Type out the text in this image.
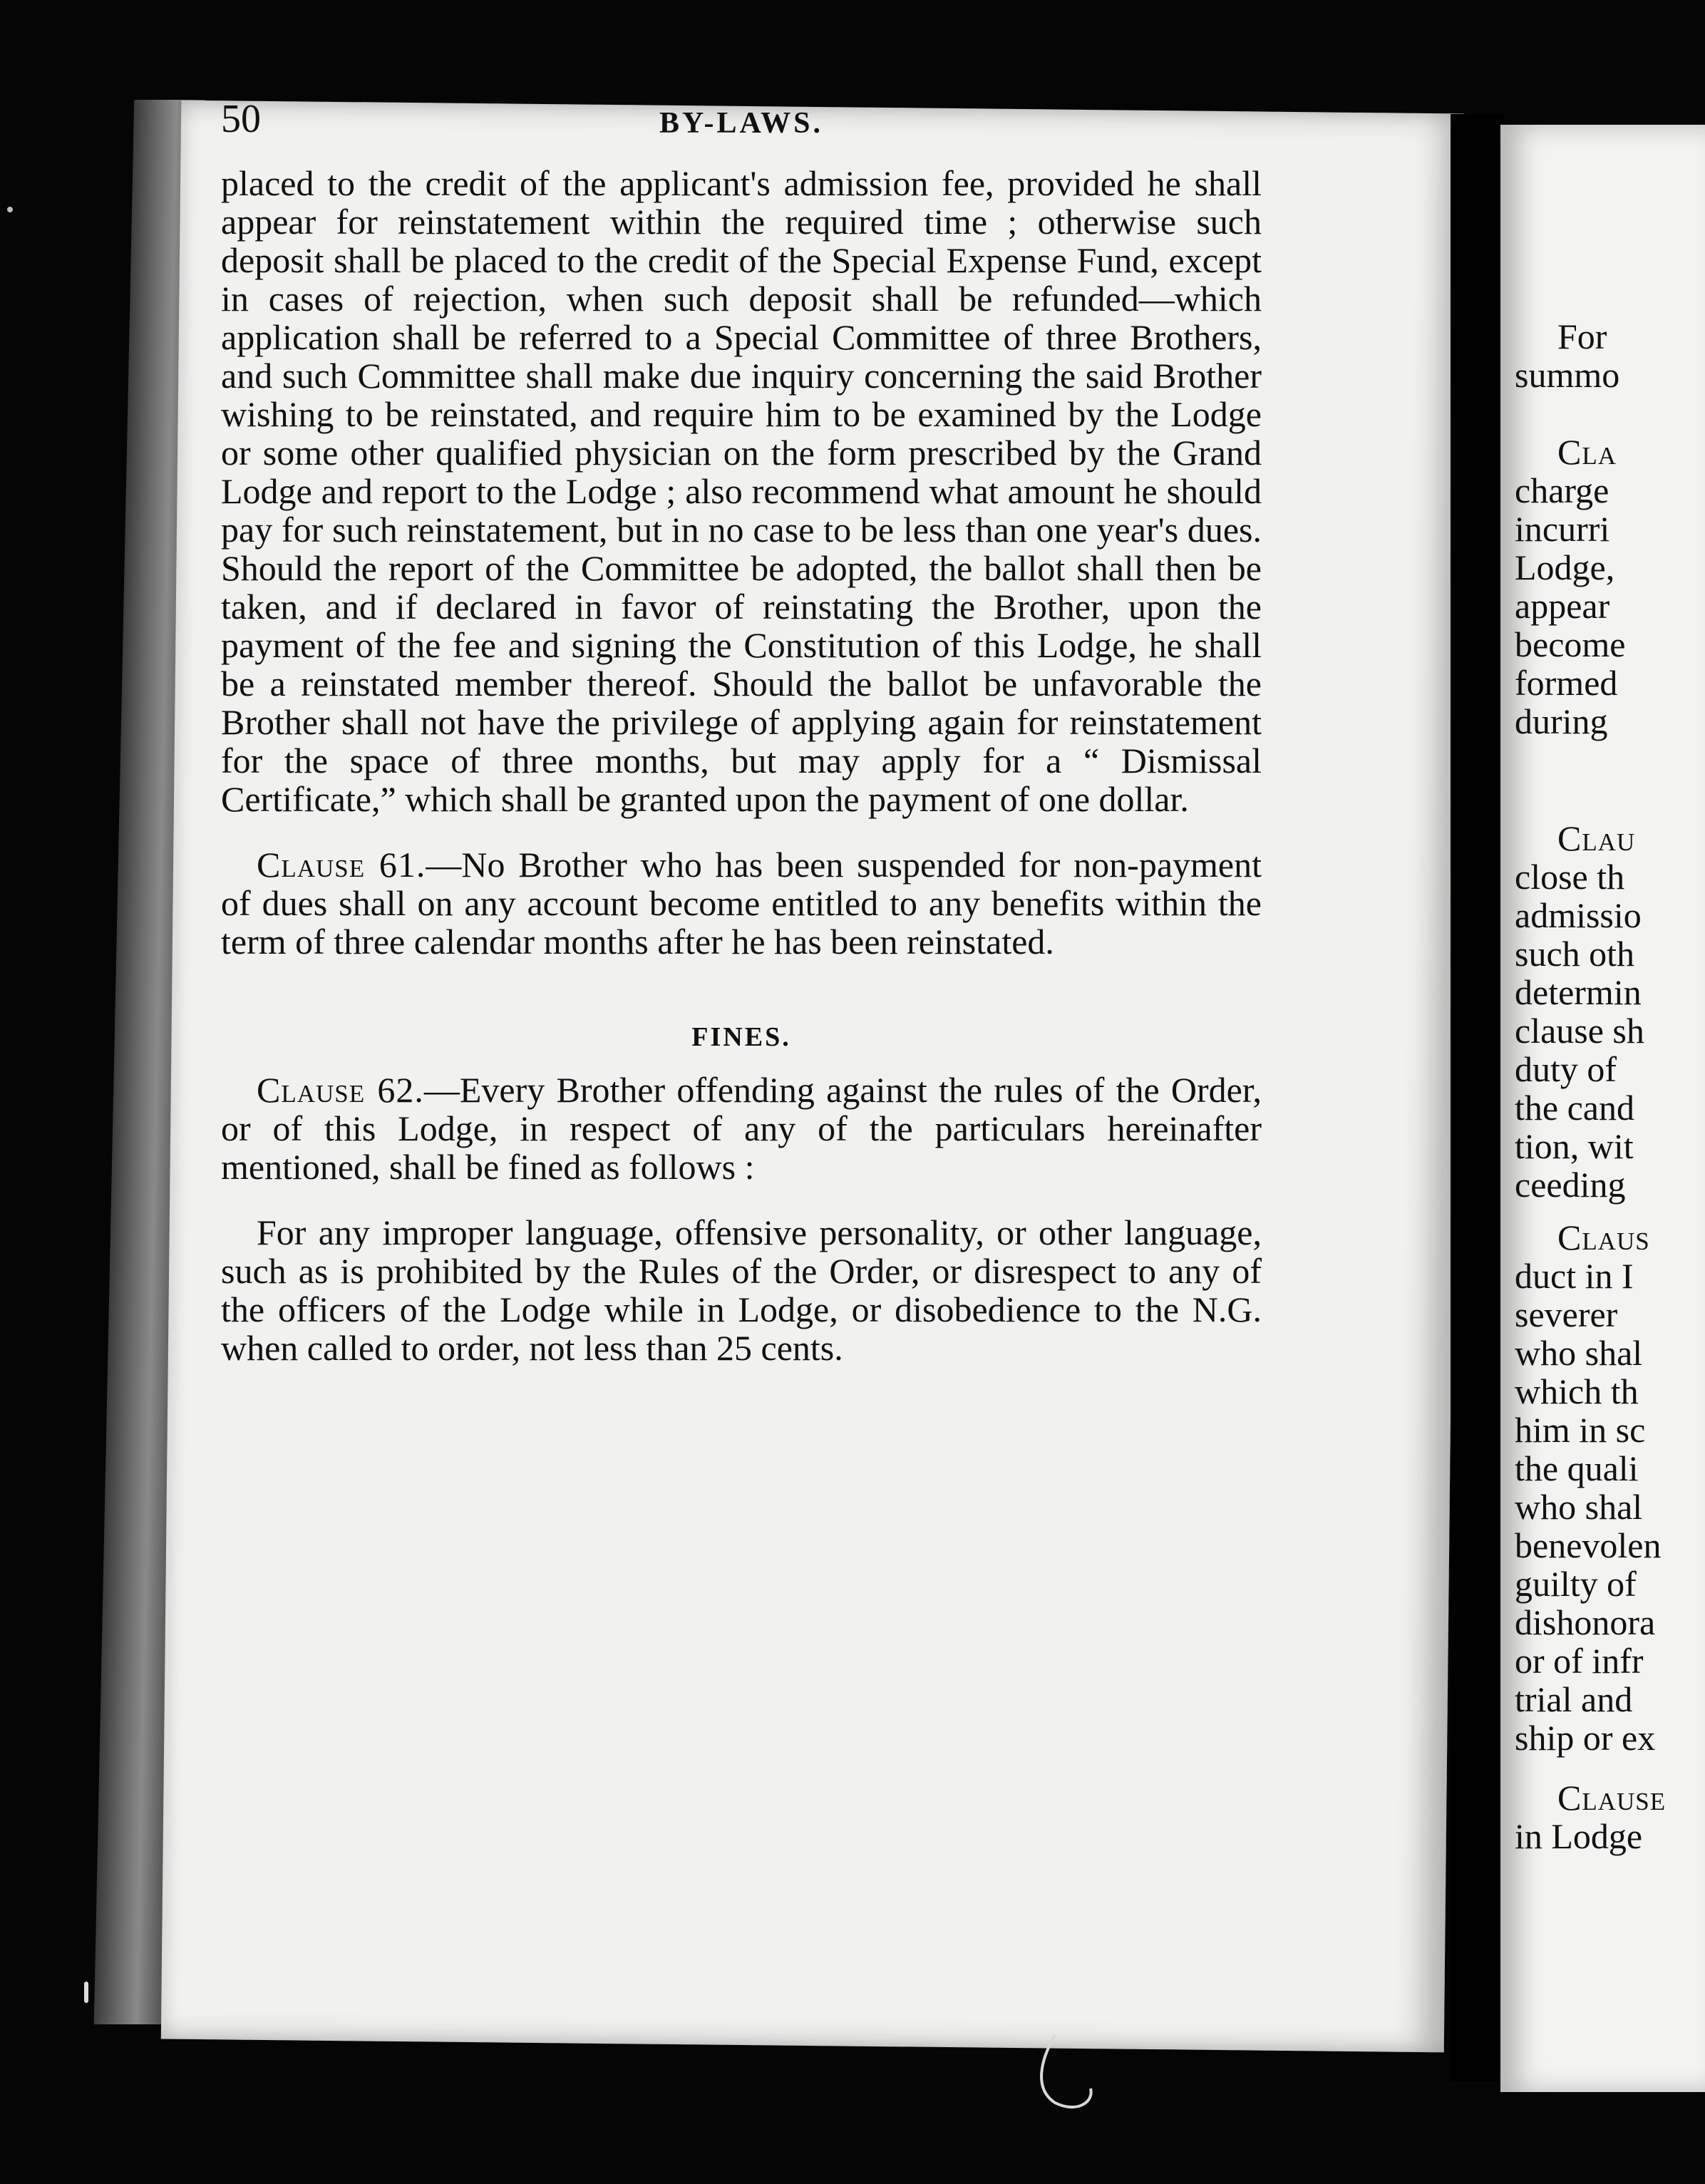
For
summo
Cla
charge
incurri
Lodge,
appear
become
formed
during
Clau
close th
admissio
such oth
determin
clause sh
duty of
the cand
tion, wit
ceeding
Claus
duct in I
severer
who shal
which th
him in sc
the quali
who shal
benevolen
guilty of
dishonora
or of infr
trial and
ship or ex
Clause
in Lodge
50	BY-LAWS.

placed to the credit of the applicant's admission fee, provided he shall appear for reinstatement within the required time ; otherwise such deposit shall be placed to the credit of the Special Expense Fund, except in cases of rejection, when such deposit shall be refunded—which application shall be referred to a Special Committee of three Brothers, and such Committee shall make due inquiry concerning the said Brother wishing to be reinstated, and require him to be examined by the Lodge or some other qualified physician on the form prescribed by the Grand Lodge and report to the Lodge ; also recommend what amount he should pay for such reinstatement, but in no case to be less than one year's dues. Should the report of the Committee be adopted, the ballot shall then be taken, and if declared in favor of reinstating the Brother, upon the payment of the fee and signing the Constitution of this Lodge, he shall be a reinstated member thereof. Should the ballot be unfavorable the Brother shall not have the privilege of applying again for reinstatement for the space of three months, but may apply for a “ Dismissal Certificate,” which shall be granted upon the payment of one dollar.

Clause 61.—No Brother who has been suspended for non-payment of dues shall on any account become entitled to any benefits within the term of three calendar months after he has been reinstated.

FINES.

Clause 62.—Every Brother offending against the rules of the Order, or of this Lodge, in respect of any of the particulars hereinafter mentioned, shall be fined as follows :

For any improper language, offensive personality, or other language, such as is prohibited by the Rules of the Order, or disrespect to any of the officers of the Lodge while in Lodge, or disobedience to the N.G. when called to order, not less than 25 cents.
